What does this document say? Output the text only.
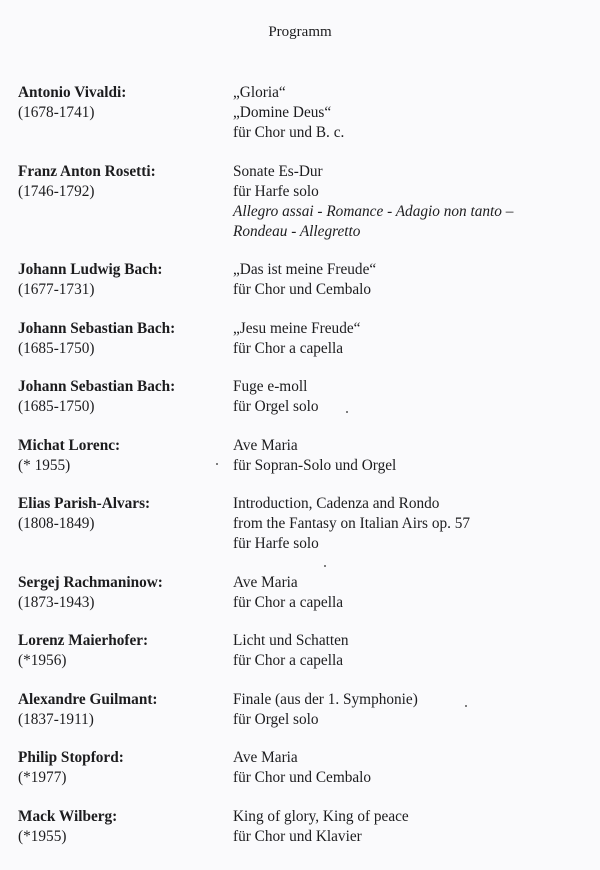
Programm
Antonio Vivaldi:
(1678-1741)
„Gloria“
„Domine Deus“
für Chor und B. c.
Franz Anton Rosetti:
(1746-1792)
Sonate Es-Dur
für Harfe solo
Allegro assai - Romance - Adagio non tanto –
Rondeau - Allegretto
Johann Ludwig Bach:
(1677-1731)
„Das ist meine Freude“
für Chor und Cembalo
Johann Sebastian Bach:
(1685-1750)
„Jesu meine Freude“
für Chor a capella
Johann Sebastian Bach:
(1685-1750)
Fuge e-moll
für Orgel solo
Michat Lorenc:
(* 1955)
Ave Maria
für Sopran-Solo und Orgel
Elias Parish-Alvars:
(1808-1849)
Introduction, Cadenza and Rondo
from the Fantasy on Italian Airs op. 57
für Harfe solo
Sergej Rachmaninow:
(1873-1943)
Ave Maria
für Chor a capella
Lorenz Maierhofer:
(*1956)
Licht und Schatten
für Chor a capella
Alexandre Guilmant:
(1837-1911)
Finale (aus der 1. Symphonie)
für Orgel solo
Philip Stopford:
(*1977)
Ave Maria
für Chor und Cembalo
Mack Wilberg:
(*1955)
King of glory, King of peace
für Chor und Klavier
